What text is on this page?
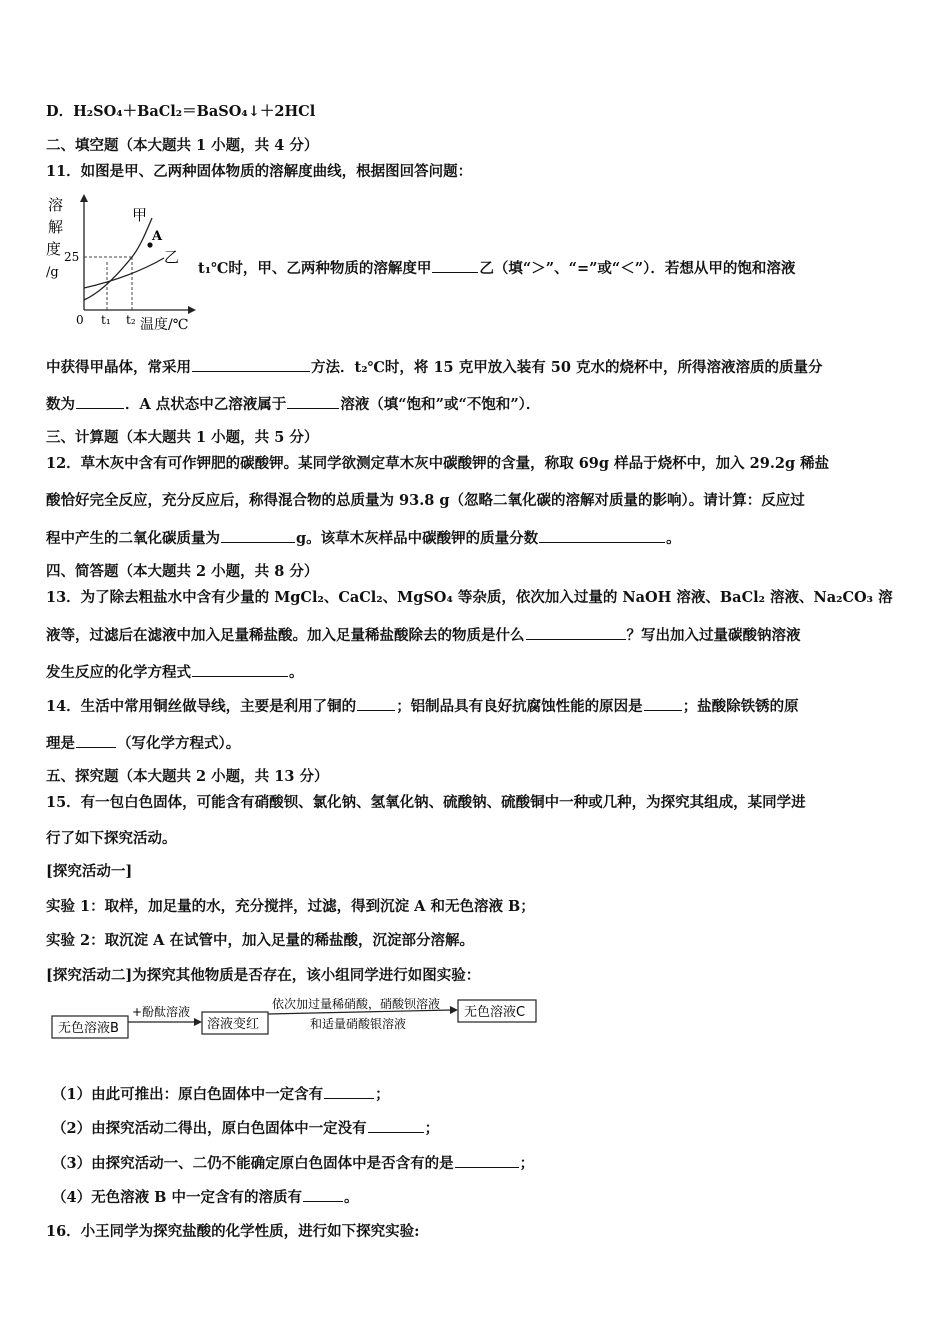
D．H₂SO₄＋BaCl₂＝BaSO₄↓＋2HCl
二、填空题（本大题共 1 小题，共 4 分）
11．如图是甲、乙两种固体物质的溶解度曲线，根据图回答问题：
溶
解
度
/g
25
0 t₁ t₂ 温度/℃
甲
乙
A
t₁℃时，甲、乙两种物质的溶解度甲	乙（填“＞”、“=”或“＜”）．若想从甲的饱和溶液
中获得甲晶体，常采用	方法．t₂℃时，将 15 克甲放入装有 50 克水的烧杯中，所得溶液溶质的质量分
数为	．A 点状态中乙溶液属于	溶液（填“饱和”或“不饱和”）．
三、计算题（本大题共 1 小题，共 5 分）
12．草木灰中含有可作钾肥的碳酸钾。某同学欲测定草木灰中碳酸钾的含量，称取 69g 样品于烧杯中，加入 29.2g 稀盐
酸恰好完全反应，充分反应后，称得混合物的总质量为 93.8 g（忽略二氧化碳的溶解对质量的影响）。请计算：反应过
程中产生的二氧化碳质量为	g。该草木灰样品中碳酸钾的质量分数	。
四、简答题（本大题共 2 小题，共 8 分）
13．为了除去粗盐水中含有少量的 MgCl₂、CaCl₂、MgSO₄ 等杂质，依次加入过量的 NaOH 溶液、BaCl₂ 溶液、Na₂CO₃ 溶
液等，过滤后在滤液中加入足量稀盐酸。加入足量稀盐酸除去的物质是什么	？写出加入过量碳酸钠溶液
发生反应的化学方程式	。
14．生活中常用铜丝做导线，主要是利用了铜的	；铝制品具有良好抗腐蚀性能的原因是	；盐酸除铁锈的原
理是	（写化学方程式）。
五、探究题（本大题共 2 小题，共 13 分）
15．有一包白色固体，可能含有硝酸钡、氯化钠、氢氧化钠、硫酸钠、硫酸铜中一种或几种，为探究其组成，某同学进
行了如下探究活动。
[探究活动一]
实验 1：取样，加足量的水，充分搅拌，过滤，得到沉淀 A 和无色溶液 B；
实验 2：取沉淀 A 在试管中，加入足量的稀盐酸，沉淀部分溶解。
[探究活动二]为探究其他物质是否存在，该小组同学进行如图实验：
无色溶液B
+酚酞溶液
溶液变红
依次加过量稀硝酸，硝酸钡溶液
和适量硝酸银溶液
无色溶液C
（1）由此可推出：原白色固体中一定含有	；
（2）由探究活动二得出，原白色固体中一定没有	；
（3）由探究活动一、二仍不能确定原白色固体中是否含有的是	；
（4）无色溶液 B 中一定含有的溶质有	。
16．小王同学为探究盐酸的化学性质，进行如下探究实验:
